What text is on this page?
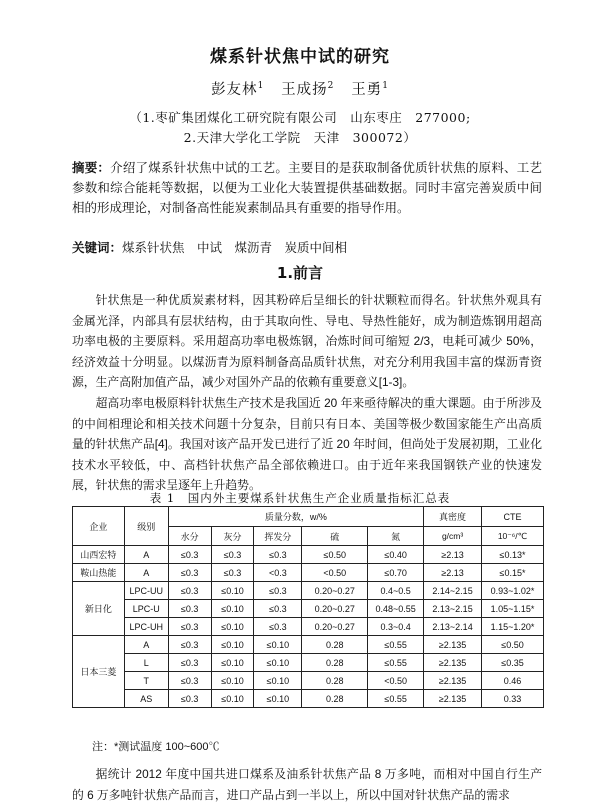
煤系针状焦中试的研究
彭友林$^1$ 王成扬$^2$ 王勇$^1$
（1.枣矿集团煤化工研究院有限公司　山东枣庄　277000;
2.天津大学化工学院　天津　300072）
摘要：介绍了煤系针状焦中试的工艺。主要目的是获取制备优质针状焦的原料、工艺参数和综合能耗等数据，以便为工业化大装置提供基础数据。同时丰富完善炭质中间相的形成理论，对制备高性能炭素制品具有重要的指导作用。
关键词：煤系针状焦　中试　煤沥青　炭质中间相
1.前言
针状焦是一种优质炭素材料，因其粉碎后呈细长的针状颗粒而得名。针状焦外观具有金属光泽，内部具有层状结构，由于其取向性、导电、导热性能好，成为制造炼钢用超高功率电极的主要原料。采用超高功率电极炼钢，冶炼时间可缩短 2/3，电耗可减少 50%，经济效益十分明显。以煤沥青为原料制备高品质针状焦，对充分利用我国丰富的煤沥青资源，生产高附加值产品，减少对国外产品的依赖有重要意义[1-3]。
超高功率电极原料针状焦生产技术是我国近 20 年来亟待解决的重大课题。由于所涉及的中间相理论和相关技术问题十分复杂，目前只有日本、美国等极少数国家能生产出高质量的针状焦产品[4]。我国对该产品开发已进行了近 20 年时间，但尚处于发展初期，工业化技术水平较低，中、高档针状焦产品全部依赖进口。由于近年来我国钢铁产业的快速发展，针状焦的需求呈逐年上升趋势。
表 1　国内外主要煤系针状焦生产企业质量指标汇总表
企业	级别	质量分数，w/%					真密度	CTE
		水分	灰分	挥发分	硫	氮	g/cm³	10⁻⁶/℃
山西宏特	A	≤0.3	≤0.3	≤0.3	≤0.50	≤0.40	≥2.13	≤0.13*
鞍山热能	A	≤0.3	≤0.3	<0.3	<0.50	≤0.70	≥2.13	≤0.15*
新日化	LPC-UU	≤0.3	≤0.10	≤0.3	0.20~0.27	0.4~0.5	2.14~2.15	0.93~1.02*
	LPC-U	≤0.3	≤0.10	≤0.3	0.20~0.27	0.48~0.55	2.13~2.15	1.05~1.15*
	LPC-UH	≤0.3	≤0.10	≤0.3	0.20~0.27	0.3~0.4	2.13~2.14	1.15~1.20*
日本三菱	A	≤0.3	≤0.10	≤0.10	0.28	≤0.55	≥2.135	≤0.50
	L	≤0.3	≤0.10	≤0.10	0.28	≤0.55	≥2.135	≤0.35
	T	≤0.3	≤0.10	≤0.10	0.28	<0.50	≥2.135	0.46
	AS	≤0.3	≤0.10	≤0.10	0.28	≤0.55	≥2.135	0.33
注：*测试温度 100~600℃
据统计 2012 年度中国共进口煤系及油系针状焦产品 8 万多吨，而相对中国自行生产的 6 万多吨针状焦产品而言，进口产品占到一半以上，所以中国对针状焦产品的需求
